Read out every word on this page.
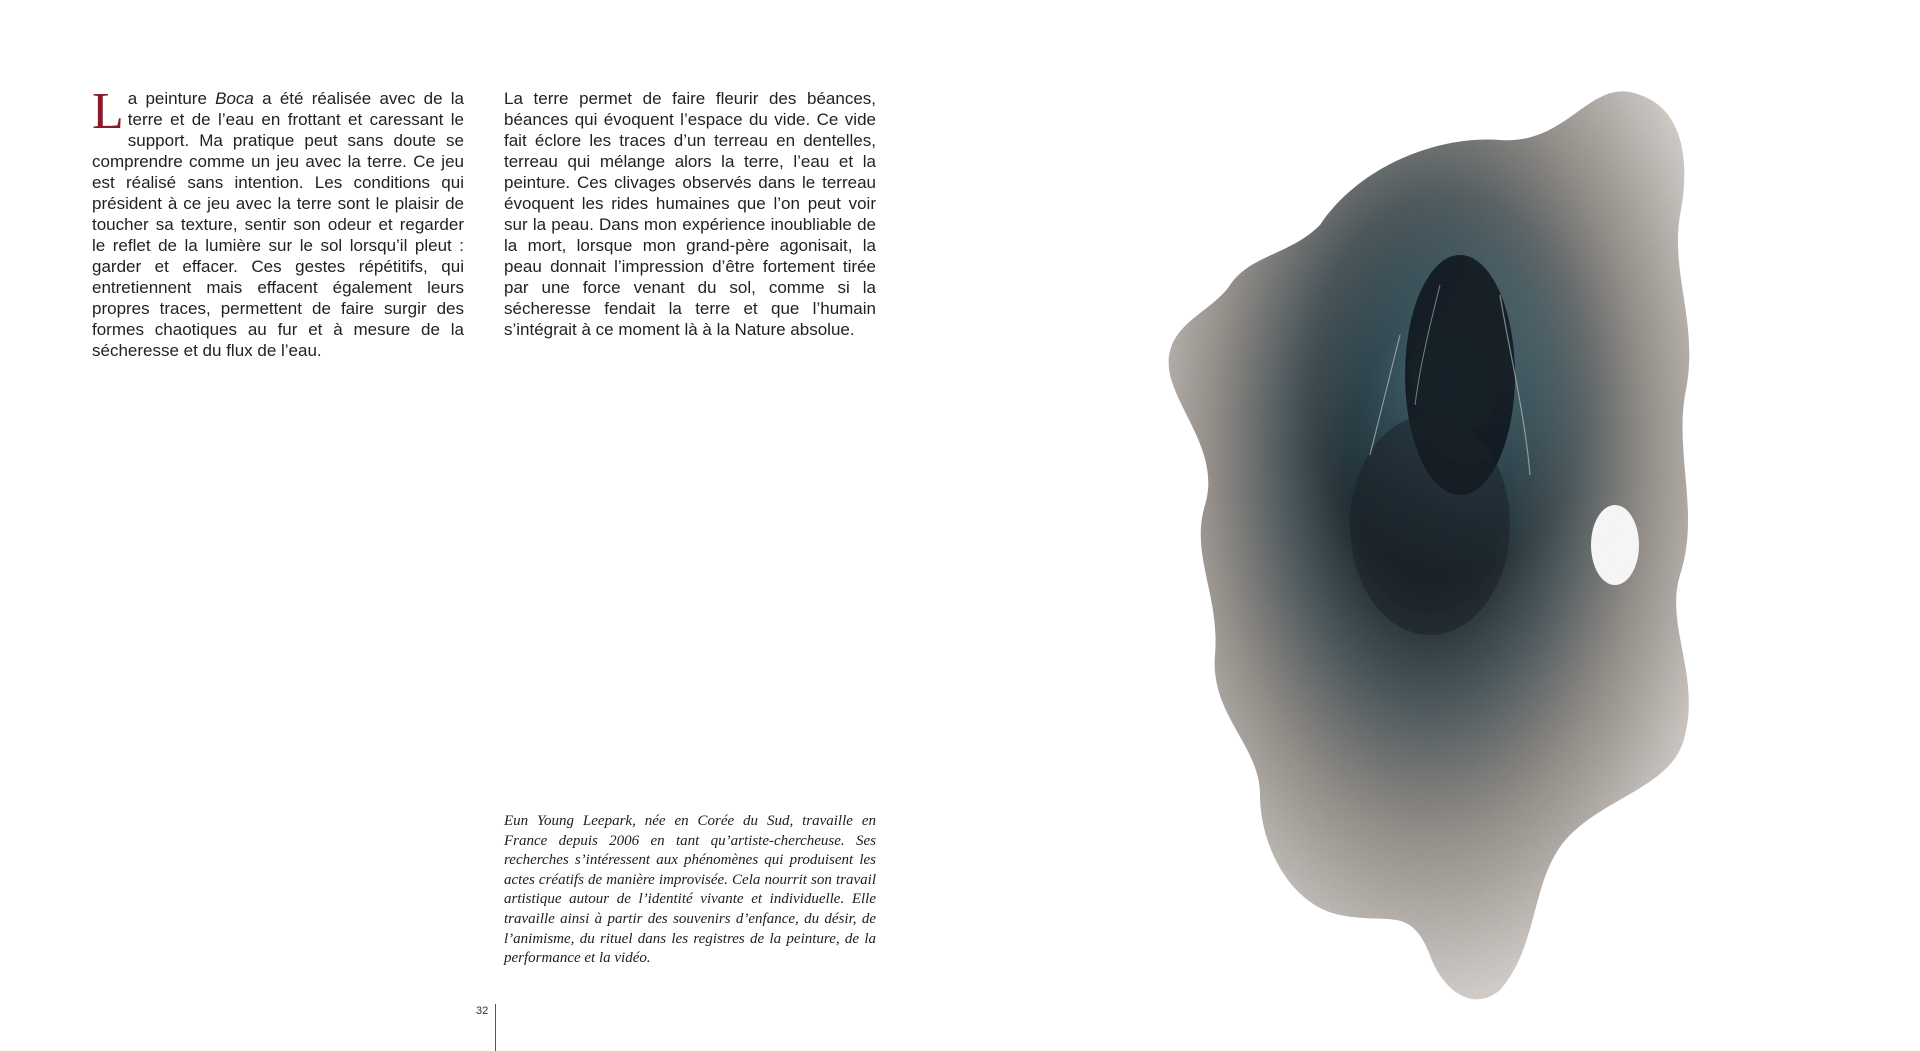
La peinture Boca a été réalisée avec de la terre et de l’eau en frottant et caressant le support. Ma pratique peut sans doute se comprendre comme un jeu avec la terre. Ce jeu est réalisé sans intention. Les conditions qui président à ce jeu avec la terre sont le plaisir de toucher sa texture, sentir son odeur et regarder le reflet de la lumière sur le sol lorsqu’il pleut : garder et effacer. Ces gestes répétitifs, qui entretiennent mais effacent également leurs propres traces, permettent de faire surgir des formes chaotiques au fur et à mesure de la sécheresse et du flux de l’eau.

La terre permet de faire fleurir des béances, béances qui évoquent l’espace du vide. Ce vide fait éclore les traces d’un terreau en dentelles, terreau qui mélange alors la terre, l’eau et la peinture. Ces clivages observés dans le terreau évoquent les rides humaines que l’on peut voir sur la peau. Dans mon expérience inoubliable de la mort, lorsque mon grand-père agonisait, la peau donnait l’impression d’être fortement tirée par une force venant du sol, comme si la sécheresse fendait la terre et que l’humain s’intégrait à ce moment là à la Nature absolue.

Eun Young Leepark, née en Corée du Sud, travaille en France depuis 2006 en tant qu’artiste-chercheuse. Ses recherches s’intéressent aux phénomènes qui produisent les actes créatifs de manière improvisée. Cela nourrit son travail artistique autour de l’identité vivante et individuelle. Elle travaille ainsi à partir des souvenirs d’enfance, du désir, de l’animisme, du rituel dans les registres de la peinture, de la performance et la vidéo.

32
